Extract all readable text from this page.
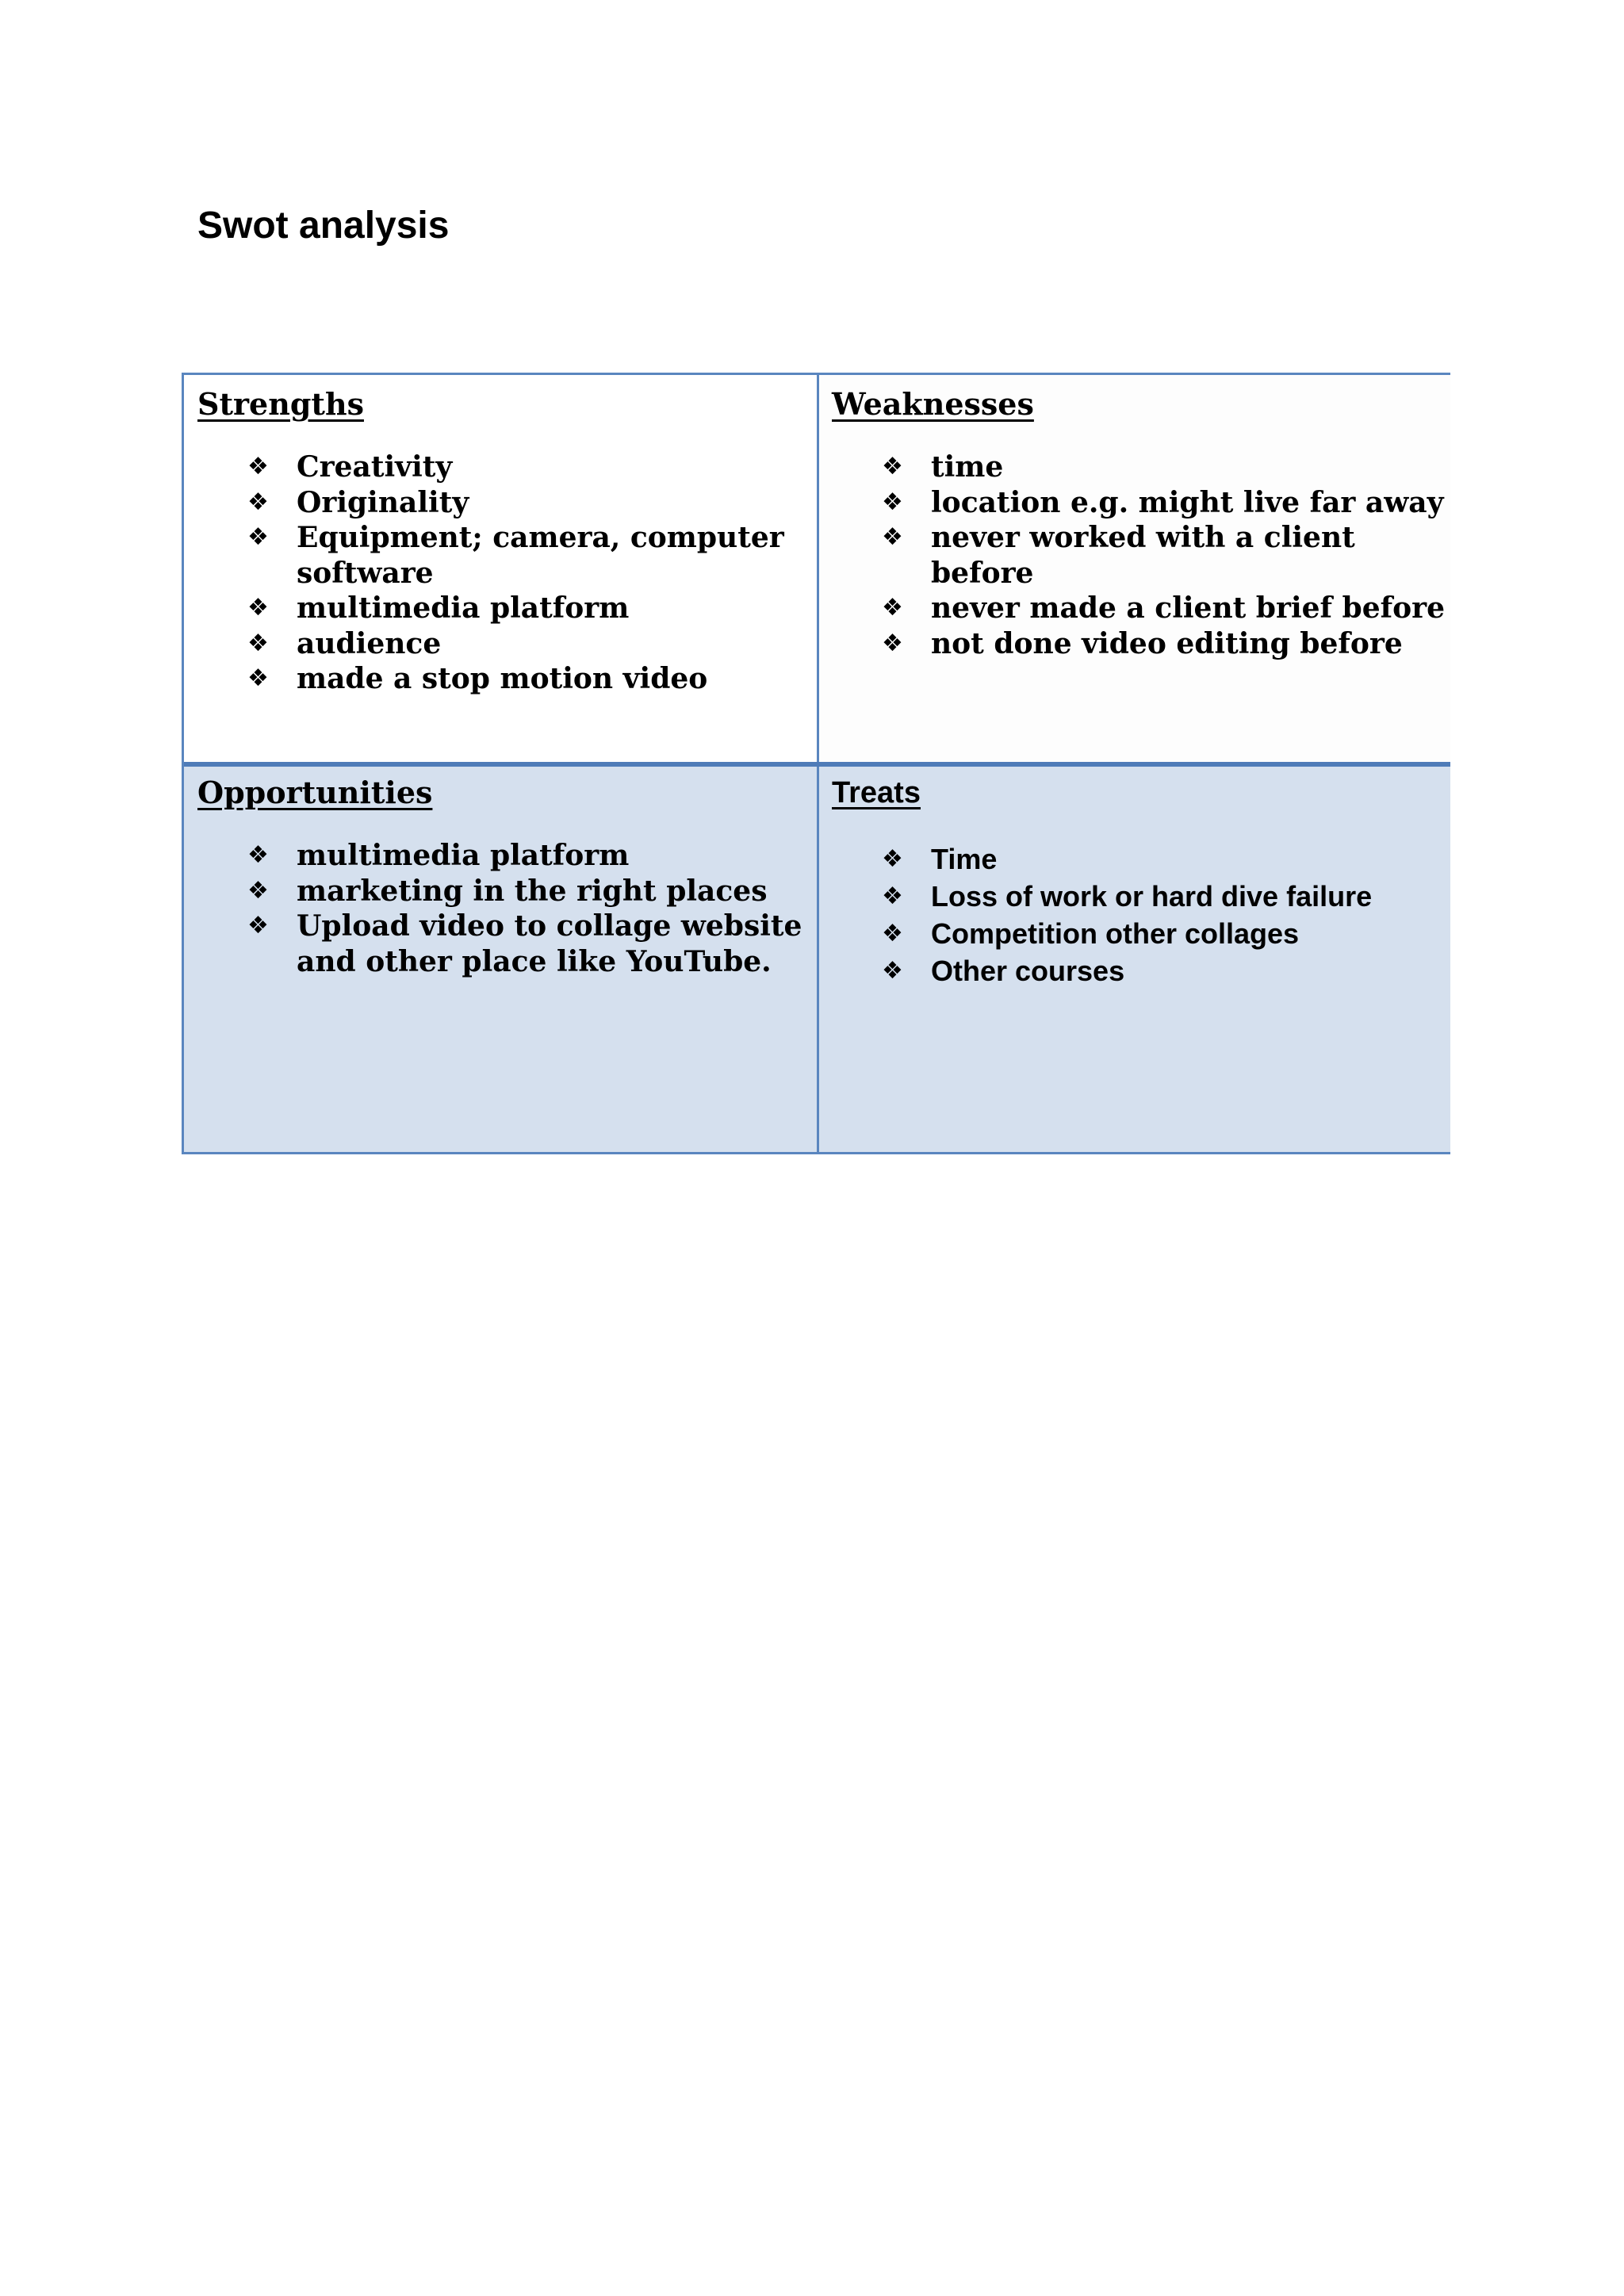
Swot analysis
Strengths
❖ Creativity
❖ Originality
❖ Equipment; camera, computer software
❖ multimedia platform
❖ audience
❖ made a stop motion video
Weaknesses
❖ time
❖ location e.g. might live far away
❖ never worked with a client before
❖ never made a client brief before
❖ not done video editing before
Opportunities
❖ multimedia platform
❖ marketing in the right places
❖ Upload video to collage website and other place like YouTube.
Treats
❖ Time
❖ Loss of work or hard dive failure
❖ Competition other collages
❖ Other courses
